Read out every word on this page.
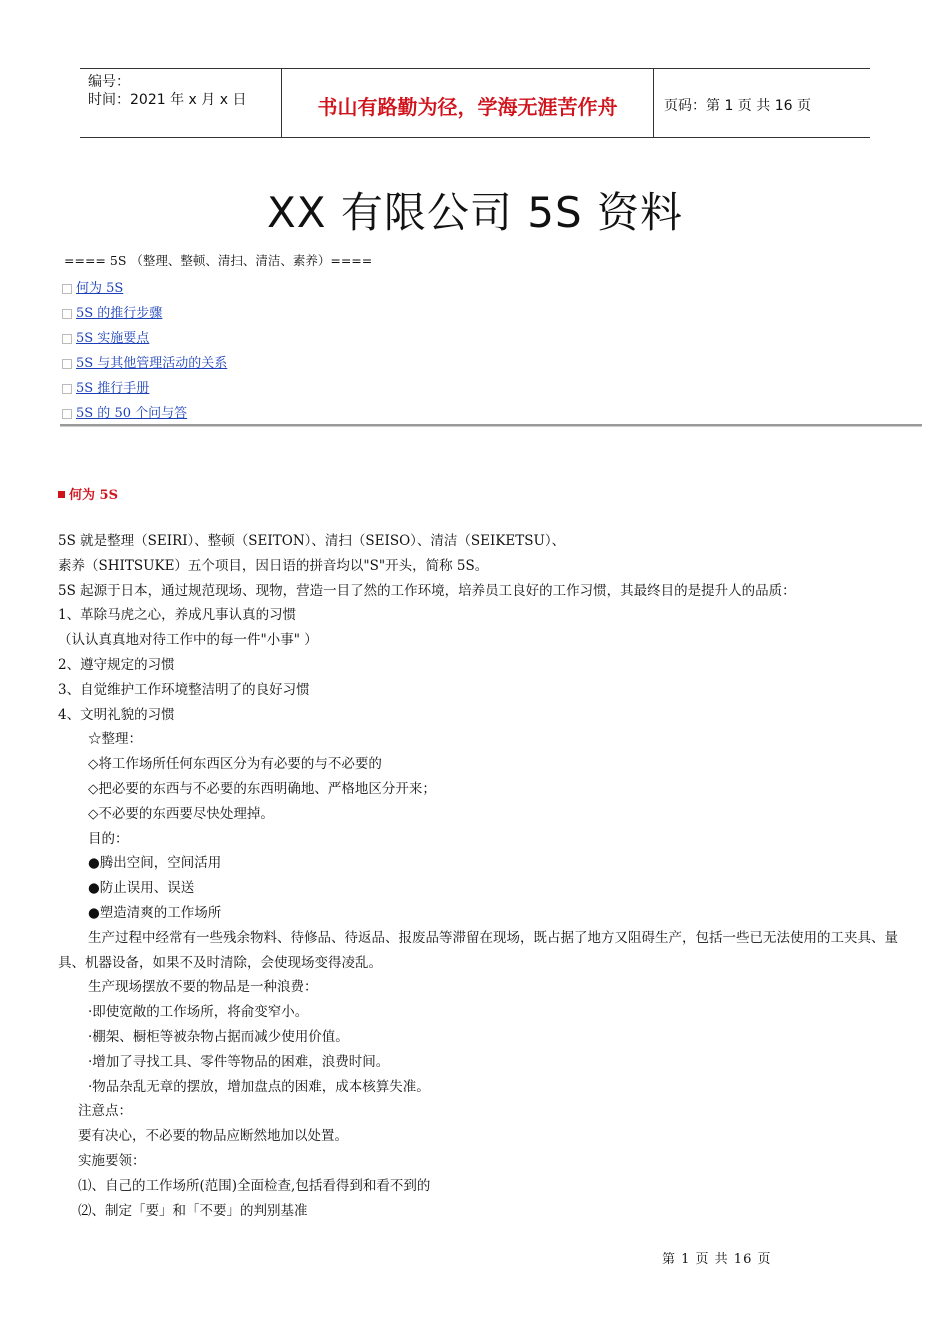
编号：
时间：2021 年 x 月 x 日	书山有路勤为径，学海无涯苦作舟	页码：第 1 页 共 16 页
XX 有限公司 5S 资料
==== 5S （整理、整顿、清扫、清洁、素养）====
何为 5S
5S 的推行步骤
5S 实施要点
5S 与其他管理活动的关系
5S 推行手册
5S 的 50 个问与答
何为 5S
5S 就是整理（SEIRI）、整顿（SEITON）、清扫（SEISO）、清洁（SEIKETSU）、
素养（SHITSUKE）五个项目，因日语的拼音均以"S"开头，简称 5S。
5S 起源于日本，通过规范现场、现物，营造一目了然的工作环境，培养员工良好的工作习惯，其最终目的是提升人的品质：
1、革除马虎之心，养成凡事认真的习惯
（认认真真地对待工作中的每一件"小事" ）
2、遵守规定的习惯
3、自觉维护工作环境整洁明了的良好习惯
4、文明礼貌的习惯
☆整理：
◇将工作场所任何东西区分为有必要的与不必要的
◇把必要的东西与不必要的东西明确地、严格地区分开来；
◇不必要的东西要尽快处理掉。
目的：
●腾出空间，空间活用
●防止误用、误送
●塑造清爽的工作场所
生产过程中经常有一些残余物料、待修品、待返品、报废品等滞留在现场，既占据了地方又阻碍生产，包括一些已无法使用的工夹具、量具、机器设备，如果不及时清除，会使现场变得凌乱。
生产现场摆放不要的物品是一种浪费：
·即使宽敞的工作场所，将俞变窄小。
·棚架、橱柜等被杂物占据而减少使用价值。
·增加了寻找工具、零件等物品的困难，浪费时间。
·物品杂乱无章的摆放，增加盘点的困难，成本核算失准。
注意点：
要有决心，不必要的物品应断然地加以处置。
实施要领：
⑴、自己的工作场所(范围)全面检查,包括看得到和看不到的
⑵、制定「要」和「不要」的判别基准
第 1 页 共 16 页
